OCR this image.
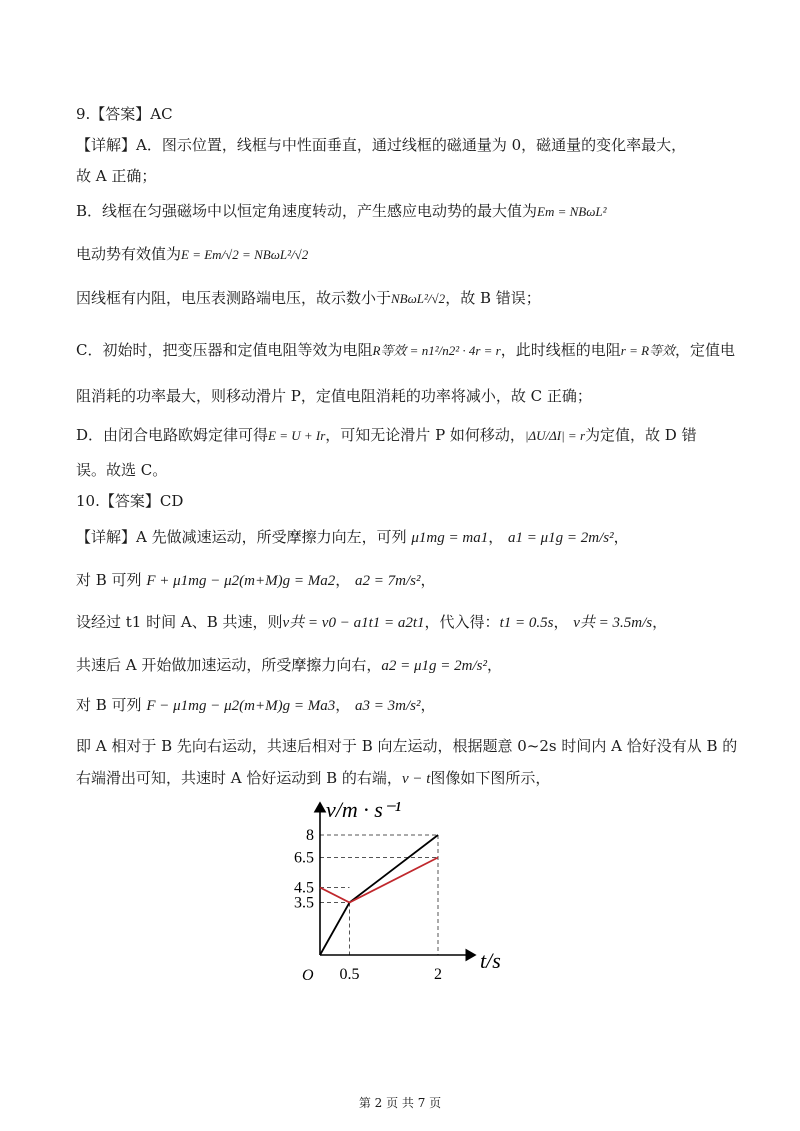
9.【答案】AC
【详解】A．图示位置，线框与中性面垂直，通过线框的磁通量为 0，磁通量的变化率最大，
故 A 正确；
B．线框在匀强磁场中以恒定角速度转动，产生感应电动势的最大值为Em = NBωL²
电动势有效值为E = Em/√2 = NBωL²/√2
因线框有内阻，电压表测路端电压，故示数小于NBωL²/√2，故 B 错误；
C．初始时，把变压器和定值电阻等效为电阻R等效 = n1²/n2² · 4r = r，此时线框的电阻r = R等效，定值电
阻消耗的功率最大，则移动滑片 P，定值电阻消耗的功率将减小，故 C 正确；
D．由闭合电路欧姆定律可得E = U + Ir，可知无论滑片 P 如何移动，|ΔU/ΔI| = r为定值，故 D 错
误。故选 C。
10.【答案】CD
【详解】A 先做减速运动，所受摩擦力向左，可列 μ1mg = ma1， a1 = μ1g = 2m/s²，
对 B 可列 F + μ1mg − μ2(m+M)g = Ma2， a2 = 7m/s²，
设经过 t1 时间 A、B 共速，则v共 = v0 − a1t1 = a2t1，代入得：t1 = 0.5s， v共 = 3.5m/s，
共速后 A 开始做加速运动，所受摩擦力向右，a2 = μ1g = 2m/s²，
对 B 可列 F − μ1mg − μ2(m+M)g = Ma3， a3 = 3m/s²，
即 A 相对于 B 先向右运动，共速后相对于 B 向左运动，根据题意 0~2s 时间内 A 恰好没有从 B 的
右端滑出可知，共速时 A 恰好运动到 B 的右端，v − t图像如下图所示，
v/m · s⁻¹
t/s
O
8
6.5
4.5
3.5
0.5	2
第 2 页 共 7 页
